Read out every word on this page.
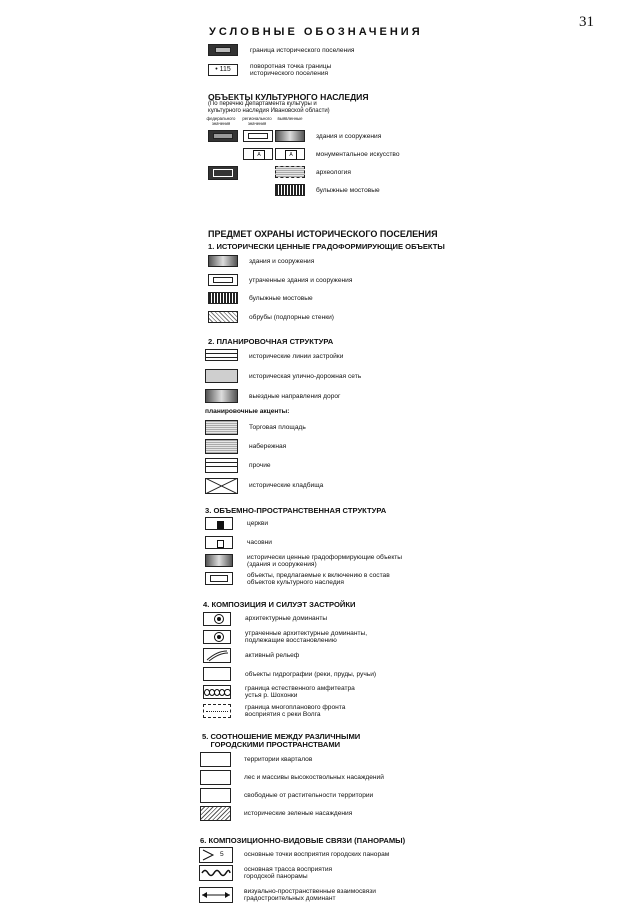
31
УСЛОВНЫЕ ОБОЗНАЧЕНИЯ
граница исторического поселения
• 115	поворотная точка границы
исторического поселения
ОБЪЕКТЫ КУЛЬТУРНОГО НАСЛЕДИЯ
(По перечню Департамента культуры и
культурного наследия Ивановской области)
федерального
значения
регионального
значения
выявленные
здания и сооружения
А	А	монументальное искусство
археология
булыжные мостовые
ПРЕДМЕТ ОХРАНЫ ИСТОРИЧЕСКОГО ПОСЕЛЕНИЯ
1. ИСТОРИЧЕСКИ ЦЕННЫЕ ГРАДОФОРМИРУЮЩИЕ ОБЪЕКТЫ
здания и сооружения
утраченные здания и сооружения
булыжные мостовые
обрубы (подпорные стенки)
2. ПЛАНИРОВОЧНАЯ СТРУКТУРА
исторические линии застройки
историческая улично-дорожная сеть
выездные направления дорог
планировочные акценты:
Торговая площадь
набережная
прочие
исторические кладбища
3. ОБЪЕМНО-ПРОСТРАНСТВЕННАЯ СТРУКТУРА
церкви
часовни
исторически ценные градоформирующие объекты
(здания и сооружения)
объекты, предлагаемые к включению в состав
объектов культурного наследия
4. КОМПОЗИЦИЯ И СИЛУЭТ ЗАСТРОЙКИ
архитектурные доминанты
утраченные архитектурные доминанты,
подлежащие восстановлению
активный рельеф
объекты гидрографии (реки, пруды, ручьи)
граница естественного амфитеатра
устья р. Шохонки
граница многопланового фронта
восприятия с реки Волга
5. СООТНОШЕНИЕ МЕЖДУ РАЗЛИЧНЫМИ
ГОРОДСКИМИ ПРОСТРАНСТВАМИ
территории кварталов
лес и массивы высокоствольных насаждений
свободные от растительности территории
исторические зеленые насаждения
6. КОМПОЗИЦИОННО-ВИДОВЫЕ СВЯЗИ (ПАНОРАМЫ)
5	основные точки восприятия городских панорам
основная трасса восприятия
городской панорамы
визуально-пространственные взаимосвязи
градостроительных доминант
